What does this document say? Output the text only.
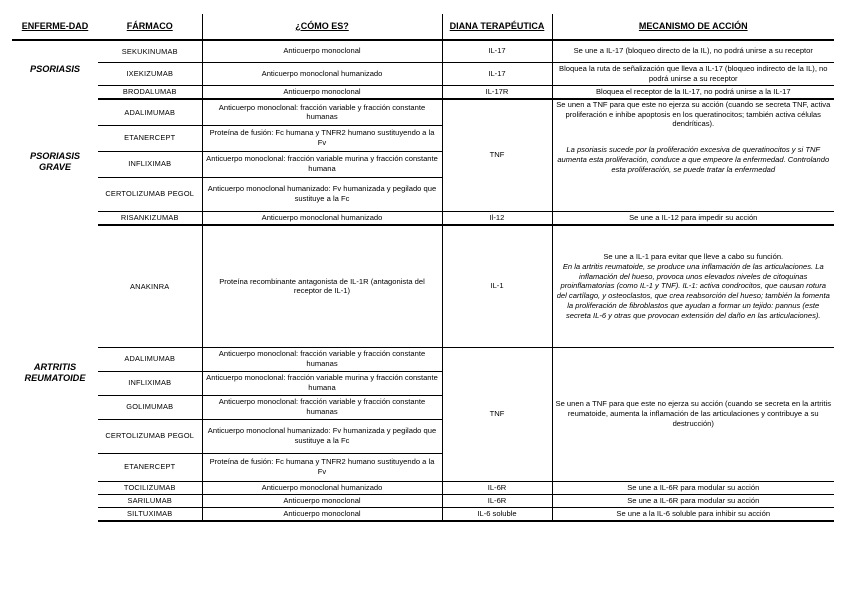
ENFERME-DAD	FÁRMACO	¿CÓMO ES?	DIANA TERAPÉUTICA	MECANISMO DE ACCIÓN
PSORIASIS	SEKUKINUMAB	Anticuerpo monoclonal	IL-17	Se une a IL-17 (bloqueo directo de la IL), no podrá unirse a su receptor
	IXEKIZUMAB	Anticuerpo monoclonal humanizado	IL-17	Bloquea la ruta de señalización que lleva a IL-17 (bloqueo indirecto de la IL), no podrá unirse a su receptor
	BRODALUMAB	Anticuerpo monoclonal	IL-17R	Bloquea el receptor de la IL-17, no podrá unirse a la IL-17
PSORIASIS GRAVE	ADALIMUMAB	Anticuerpo monoclonal: fracción variable y fracción constante humanas	TNF	Se unen a TNF para que este no ejerza su acción (cuando se secreta TNF, activa proliferación e inhibe apoptosis en los queratinocitos; también activa células dendríticas).
La psoriasis sucede por la proliferación excesiva de queratinocitos y si TNF aumenta esta proliferación, conduce a que empeore la enfermedad. Controlando esta proliferación, se puede tratar la enfermedad

	ETANERCEPT	Proteína de fusión: Fc humana y TNFR2 humano sustituyendo a la Fv		
	INFLIXIMAB	Anticuerpo monoclonal: fracción variable murina y fracción constante humana		
	CERTOLIZUMAB PEGOL	Anticuerpo monoclonal humanizado: Fv humanizada y pegilado que sustituye a la Fc		
	RISANKIZUMAB	Anticuerpo monoclonal humanizado	Il-12	Se une a IL-12 para impedir su acción
ARTRITIS REUMATOIDE	ANAKINRA	Proteína recombinante antagonista de IL-1R (antagonista del receptor de IL-1)	IL-1	Se une a IL-1 para evitar que lleve a cabo su función.
En la artritis reumatoide, se produce una inflamación de las articulaciones. La inflamación del hueso, provoca unos elevados niveles de citoquinas proinflamatorias (como IL-1 y TNF). IL-1: activa condrocitos, que causan rotura del cartílago, y osteoclastos, que crea reabsorción del hueso; también la fomenta la proliferación de fibroblastos que ayudan a formar un tejido: pannus (este secreta IL-6 y otras que provocan extensión del daño en las articulaciones).

	ADALIMUMAB	Anticuerpo monoclonal: fracción variable y fracción constante humanas	TNF	Se unen a TNF para que este no ejerza su acción (cuando se secreta en la artritis reumatoide, aumenta la inflamación de las articulaciones y contribuye a su destrucción)
	INFLIXIMAB	Anticuerpo monoclonal: fracción variable murina y fracción constante humana		
	GOLIMUMAB	Anticuerpo monoclonal: fracción variable y fracción constante humanas		
	CERTOLIZUMAB PEGOL	Anticuerpo monoclonal humanizado: Fv humanizada y pegilado que sustituye a la Fc		
	ETANERCEPT	Proteína de fusión: Fc humana y TNFR2 humano sustituyendo a la Fv		
	TOCILIZUMAB	Anticuerpo monoclonal humanizado	IL-6R	Se une a IL-6R para modular su acción
	SARILUMAB	Anticuerpo monoclonal	IL-6R	Se une a IL-6R para modular su acción
	SILTUXIMAB	Anticuerpo monoclonal	IL-6 soluble	Se une a la IL-6 soluble para inhibir su acción
